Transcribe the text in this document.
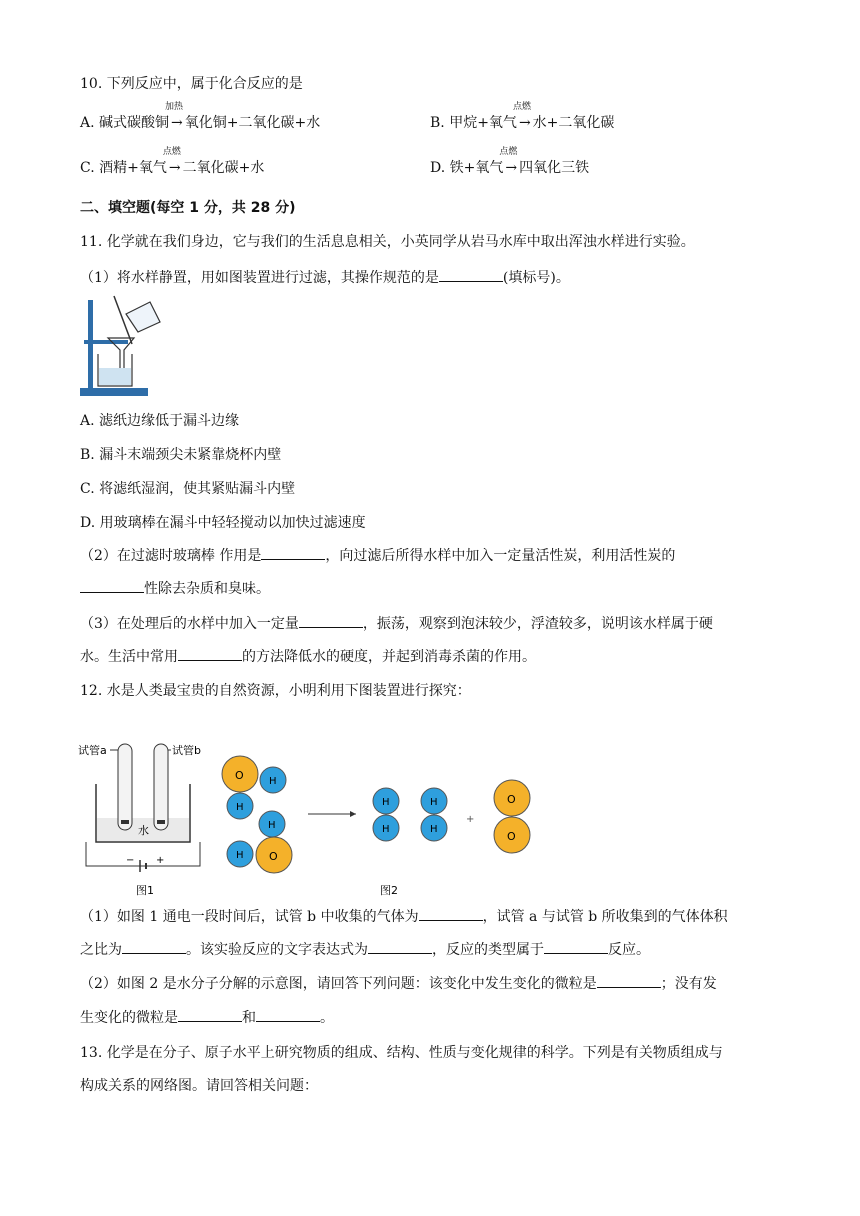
10. 下列反应中，属于化合反应的是
A. 碱式碳酸铜
加热
→ 氧化铜+二氧化碳+水	B. 甲烷+氧气
点燃
→ 水+二氧化碳
C. 酒精+氧气
点燃
→ 二氧化碳+水	D. 铁+氧气
点燃
→ 四氧化三铁
二、填空题(每空 1 分，共 28 分)
11. 化学就在我们身边，它与我们的生活息息相关，小英同学从岩马水库中取出浑浊水样进行实验。
（1）将水样静置，用如图装置进行过滤，其操作规范的是	(填标号)。
A. 滤纸边缘低于漏斗边缘
B. 漏斗末端颈尖未紧靠烧杯内壁
C. 将滤纸湿润，使其紧贴漏斗内壁
D. 用玻璃棒在漏斗中轻轻搅动以加快过滤速度
（2）在过滤时玻璃棒 作用是	，向过滤后所得水样中加入一定量活性炭，利用活性炭的
性除去杂质和臭味。
（3）在处理后的水样中加入一定量	，振荡，观察到泡沫较少，浮渣较多，说明该水样属于硬
水。生活中常用	的方法降低水的硬度，并起到消毒杀菌的作用。
12. 水是人类最宝贵的自然资源，小明利用下图装置进行探究：
试管a	试管b
水
− +
图1
O	H
H
H
H O
H
H
H
H
+
O
O
图2
（1）如图 1 通电一段时间后，试管 b 中收集的气体为	，试管 a 与试管 b 所收集到的气体体积
之比为	。该实验反应的文字表达式为	，反应的类型属于	反应。
（2）如图 2 是水分子分解的示意图，请回答下列问题：该变化中发生变化的微粒是	；没有发
生变化的微粒是	和	。
13. 化学是在分子、原子水平上研究物质的组成、结构、性质与变化规律的科学。下列是有关物质组成与
构成关系的网络图。请回答相关问题：
